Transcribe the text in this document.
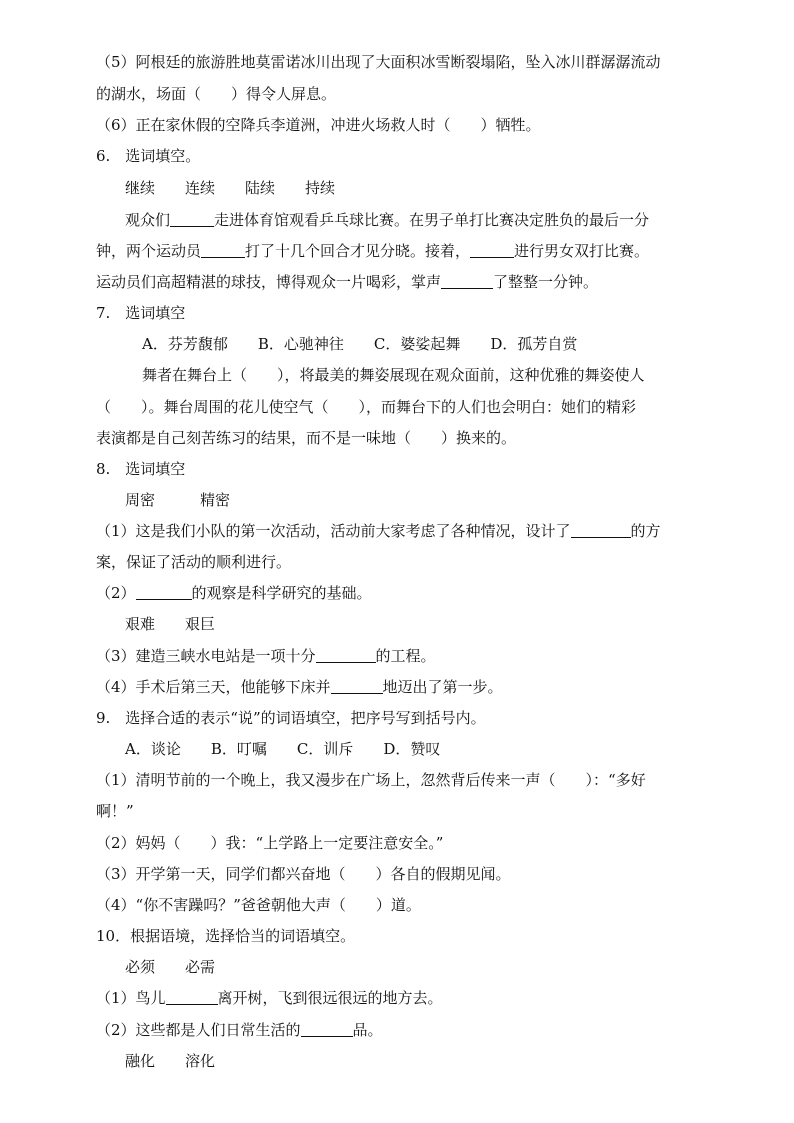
（5）阿根廷的旅游胜地莫雷诺冰川出现了大面积冰雪断裂塌陷，坠入冰川群潺潺流动
的湖水，场面（　　）得令人屏息。
（6）正在家休假的空降兵李道洲，冲进火场救人时（　　）牺牲。
6.　选词填空。
继续　　连续　　陆续　　持续
观众们	走进体育馆观看乒乓球比赛。在男子单打比赛决定胜负的最后一分
钟，两个运动员	打了十几个回合才见分晓。接着，	进行男女双打比赛。
运动员们高超精湛的球技，博得观众一片喝彩，掌声	了整整一分钟。
7.　选词填空
A．芬芳馥郁　　B．心驰神往　　C．婆娑起舞　　D．孤芳自赏
舞者在舞台上（　　），将最美的舞姿展现在观众面前，这种优雅的舞姿使人
（　　）。舞台周围的花儿使空气（　　），而舞台下的人们也会明白：她们的精彩
表演都是自己刻苦练习的结果，而不是一味地（　　）换来的。
8.　选词填空
周密　　　精密
（1）这是我们小队的第一次活动，活动前大家考虑了各种情况，设计了	的方
案，保证了活动的顺利进行。
（2）	的观察是科学研究的基础。
艰难　　艰巨
（3）建造三峡水电站是一项十分	的工程。
（4）手术后第三天，他能够下床并	地迈出了第一步。
9.　选择合适的表示“说”的词语填空，把序号写到括号内。
A．谈论　　B．叮嘱　　C．训斥　　D．赞叹
（1）清明节前的一个晚上，我又漫步在广场上，忽然背后传来一声（　　）：“多好
啊！”
（2）妈妈（　　）我：“上学路上一定要注意安全。”
（3）开学第一天，同学们都兴奋地（　　）各自的假期见闻。
（4）“你不害躁吗？”爸爸朝他大声（　　）道。
10．根据语境，选择恰当的词语填空。
必须　　必需
（1）鸟儿	离开树，飞到很远很远的地方去。
（2）这些都是人们日常生活的	品。
融化　　溶化
